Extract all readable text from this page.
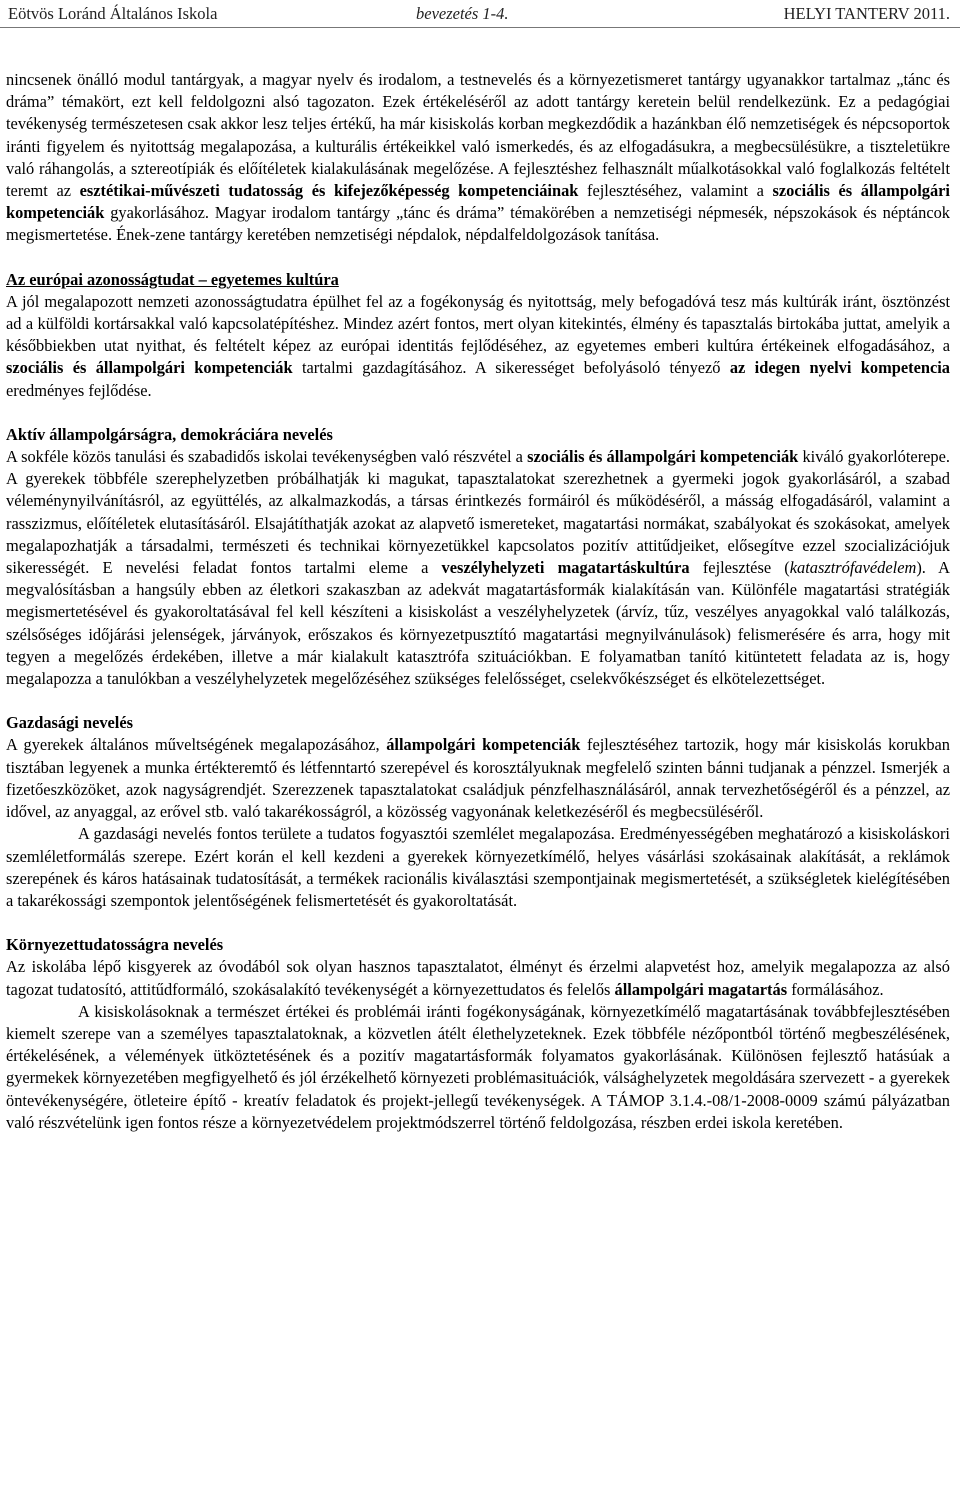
Eötvös Loránd Általános Iskola	bevezetés 1-4.	HELYI TANTERV 2011.

nincsenek önálló modul tantárgyak, a magyar nyelv és irodalom, a testnevelés és a környezetismeret tantárgy ugyanakkor tartalmaz „tánc és dráma” témakört, ezt kell feldolgozni alsó tagozaton. Ezek értékeléséről az adott tantárgy keretein belül rendelkezünk. Ez a pedagógiai tevékenység természetesen csak akkor lesz teljes értékű, ha már kisiskolás korban megkezdődik a hazánkban élő nemzetiségek és népcsoportok iránti figyelem és nyitottság megalapozása, a kulturális értékeikkel való ismerkedés, és az elfogadásukra, a megbecsülésükre, a tiszteletükre való ráhangolás, a sztereotípiák és előítéletek kialakulásának megelőzése. A fejlesztéshez felhasznált műalkotásokkal való foglalkozás feltételt teremt az esztétikai-művészeti tudatosság és kifejezőképesség kompetenciáinak fejlesztéséhez, valamint a szociális és állampolgári kompetenciák gyakorlásához. Magyar irodalom tantárgy „tánc és dráma” témakörében a nemzetiségi népmesék, népszokások és néptáncok megismertetése. Ének-zene tantárgy keretében nemzetiségi népdalok, népdalfeldolgozások tanítása.

Az európai azonosságtudat – egyetemes kultúra

A jól megalapozott nemzeti azonosságtudatra épülhet fel az a fogékonyság és nyitottság, mely befogadóvá tesz más kultúrák iránt, ösztönzést ad a külföldi kortársakkal való kapcsolatépítéshez. Mindez azért fontos, mert olyan kitekintés, élmény és tapasztalás birtokába juttat, amelyik a későbbiekben utat nyithat, és feltételt képez az európai identitás fejlődéséhez, az egyetemes emberi kultúra értékeinek elfogadásához, a szociális és állampolgári kompetenciák tartalmi gazdagításához. A sikerességet befolyásoló tényező az idegen nyelvi kompetencia eredményes fejlődése.

Aktív állampolgárságra, demokráciára nevelés

A sokféle közös tanulási és szabadidős iskolai tevékenységben való részvétel a szociális és állampolgári kompetenciák kiváló gyakorlóterepe. A gyerekek többféle szerephelyzetben próbálhatják ki magukat, tapasztalatokat szerezhetnek a gyermeki jogok gyakorlásáról, a szabad véleménynyilvánításról, az együttélés, az alkalmazkodás, a társas érintkezés formáiról és működéséről, a másság elfogadásáról, valamint a rasszizmus, előítéletek elutasításáról. Elsajátíthatják azokat az alapvető ismereteket, magatartási normákat, szabályokat és szokásokat, amelyek megalapozhatják a társadalmi, természeti és technikai környezetükkel kapcsolatos pozitív attitűdjeiket, elősegítve ezzel szocializációjuk sikerességét. E nevelési feladat fontos tartalmi eleme a veszélyhelyzeti magatartáskultúra fejlesztése (katasztrófavédelem). A megvalósításban a hangsúly ebben az életkori szakaszban az adekvát magatartásformák kialakításán van. Különféle magatartási stratégiák megismertetésével és gyakoroltatásával fel kell készíteni a kisiskolást a veszélyhelyzetek (árvíz, tűz, veszélyes anyagokkal való találkozás, szélsőséges időjárási jelenségek, járványok, erőszakos és környezetpusztító magatartási megnyilvánulások) felismerésére és arra, hogy mit tegyen a megelőzés érdekében, illetve a már kialakult katasztrófa szituációkban. E folyamatban tanító kitüntetett feladata az is, hogy megalapozza a tanulókban a veszélyhelyzetek megelőzéséhez szükséges felelősséget, cselekvőkészséget és elkötelezettséget.

Gazdasági nevelés

A gyerekek általános műveltségének megalapozásához, állampolgári kompetenciák fejlesztéséhez tartozik, hogy már kisiskolás korukban tisztában legyenek a munka értékteremtő és létfenntartó szerepével és korosztályuknak megfelelő szinten bánni tudjanak a pénzzel. Ismerjék a fizetőeszközöket, azok nagyságrendjét. Szerezzenek tapasztalatokat családjuk pénzfelhasználásáról, annak tervezhetőségéről és a pénzzel, az idővel, az anyaggal, az erővel stb. való takarékosságról, a közösség vagyonának keletkezéséről és megbecsüléséről.

A gazdasági nevelés fontos területe a tudatos fogyasztói szemlélet megalapozása. Eredményességében meghatározó a kisiskoláskori szemléletformálás szerepe. Ezért korán el kell kezdeni a gyerekek környezetkímélő, helyes vásárlási szokásainak alakítását, a reklámok szerepének és káros hatásainak tudatosítását, a termékek racionális kiválasztási szempontjainak megismertetését, a szükségletek kielégítésében a takarékossági szempontok jelentőségének felismertetését és gyakoroltatását.

Környezettudatosságra nevelés

Az iskolába lépő kisgyerek az óvodából sok olyan hasznos tapasztalatot, élményt és érzelmi alapvetést hoz, amelyik megalapozza az alsó tagozat tudatosító, attitűdformáló, szokásalakító tevékenységét a környezettudatos és felelős állampolgári magatartás formálásához.

A kisiskolásoknak a természet értékei és problémái iránti fogékonyságának, környezetkímélő magatartásának továbbfejlesztésében kiemelt szerepe van a személyes tapasztalatoknak, a közvetlen átélt élethelyzeteknek. Ezek többféle nézőpontból történő megbeszélésének, értékelésének, a vélemények ütköztetésének és a pozitív magatartásformák folyamatos gyakorlásának. Különösen fejlesztő hatásúak a gyermekek környezetében megfigyelhető és jól érzékelhető környezeti problémasituációk, válsághelyzetek megoldására szervezett - a gyerekek öntevékenységére, ötleteire építő - kreatív feladatok és projekt-jellegű tevékenységek. A TÁMOP 3.1.4.-08/1-2008-0009 számú pályázatban való részvételünk igen fontos része a környezetvédelem projektmódszerrel történő feldolgozása, részben erdei iskola keretében.
